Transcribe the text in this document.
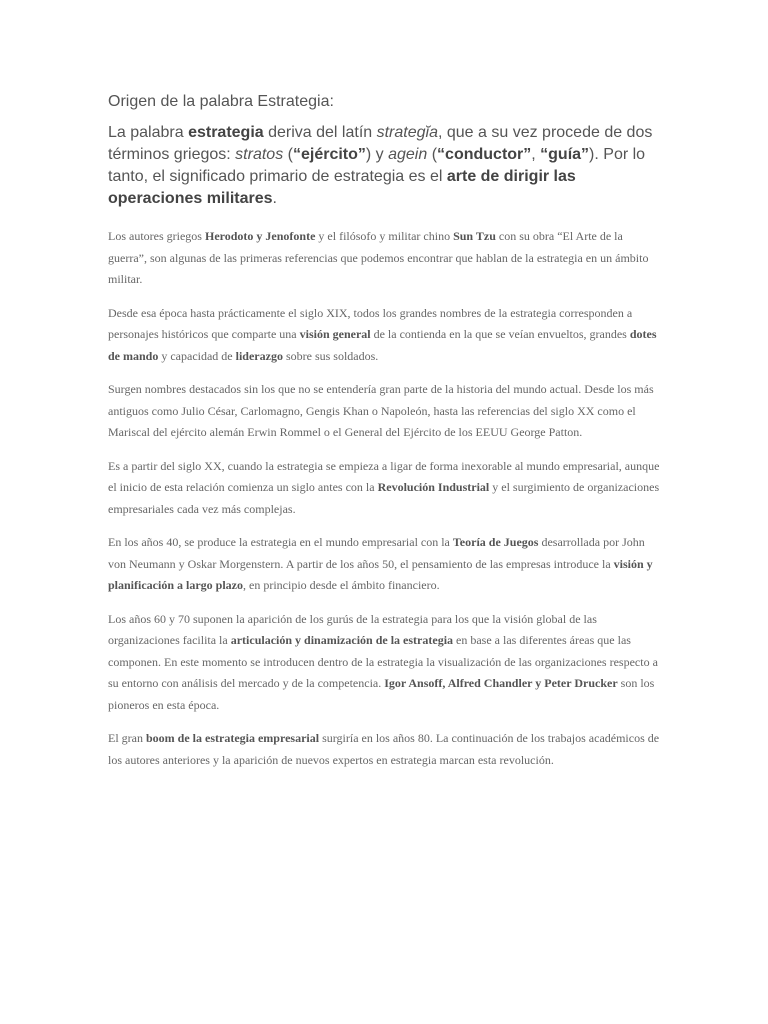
Origen de la palabra Estrategia:

La palabra estrategia deriva del latín strategĭa, que a su vez procede de dos términos griegos: stratos (“ejército”) y agein (“conductor”, “guía”). Por lo tanto, el significado primario de estrategia es el arte de dirigir las operaciones militares.

Los autores griegos Herodoto y Jenofonte y el filósofo y militar chino Sun Tzu con su obra “El Arte de la guerra”, son algunas de las primeras referencias que podemos encontrar que hablan de la estrategia en un ámbito militar.

Desde esa época hasta prácticamente el siglo XIX, todos los grandes nombres de la estrategia corresponden a personajes históricos que comparte una visión general de la contienda en la que se veían envueltos, grandes dotes de mando y capacidad de liderazgo sobre sus soldados.

Surgen nombres destacados sin los que no se entendería gran parte de la historia del mundo actual. Desde los más antiguos como Julio César, Carlomagno, Gengis Khan o Napoleón, hasta las referencias del siglo XX como el Mariscal del ejército alemán Erwin Rommel o el General del Ejército de los EEUU George Patton.

Es a partir del siglo XX, cuando la estrategia se empieza a ligar de forma inexorable al mundo empresarial, aunque el inicio de esta relación comienza un siglo antes con la Revolución Industrial y el surgimiento de organizaciones empresariales cada vez más complejas.

En los años 40, se produce la estrategia en el mundo empresarial con la Teoría de Juegos desarrollada por John von Neumann y Oskar Morgenstern. A partir de los años 50, el pensamiento de las empresas introduce la visión y planificación a largo plazo, en principio desde el ámbito financiero.

Los años 60 y 70 suponen la aparición de los gurús de la estrategia para los que la visión global de las organizaciones facilita la articulación y dinamización de la estrategia en base a las diferentes áreas que las componen. En este momento se introducen dentro de la estrategia la visualización de las organizaciones respecto a su entorno con análisis del mercado y de la competencia. Igor Ansoff, Alfred Chandler y Peter Drucker son los pioneros en esta época.

El gran boom de la estrategia empresarial surgiría en los años 80. La continuación de los trabajos académicos de los autores anteriores y la aparición de nuevos expertos en estrategia marcan esta revolución.
